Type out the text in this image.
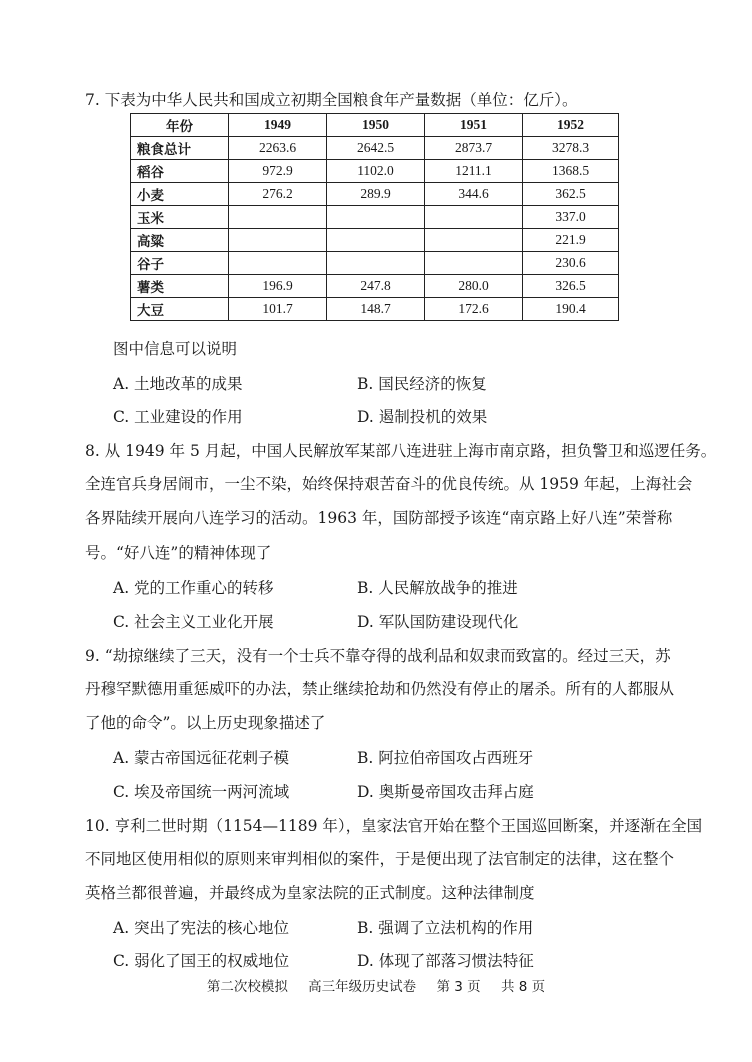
7. 下表为中华人民共和国成立初期全国粮食年产量数据（单位：亿斤）。
年份	1949	1950	1951	1952
粮食总计	2263.6	2642.5	2873.7	3278.3
稻谷	972.9	1102.0	1211.1	1368.5
小麦	276.2	289.9	344.6	362.5
玉米				337.0
高粱				221.9
谷子				230.6
薯类	196.9	247.8	280.0	326.5
大豆	101.7	148.7	172.6	190.4
图中信息可以说明
A. 土地改革的成果	B. 国民经济的恢复
C. 工业建设的作用	D. 遏制投机的效果
8. 从 1949 年 5 月起，中国人民解放军某部八连进驻上海市南京路，担负警卫和巡逻任务。
全连官兵身居闹市，一尘不染，始终保持艰苦奋斗的优良传统。从 1959 年起，上海社会
各界陆续开展向八连学习的活动。1963 年，国防部授予该连“南京路上好八连”荣誉称
号。“好八连”的精神体现了
A. 党的工作重心的转移	B. 人民解放战争的推进
C. 社会主义工业化开展	D. 军队国防建设现代化
9. “劫掠继续了三天，没有一个士兵不靠夺得的战利品和奴隶而致富的。经过三天，苏
丹穆罕默德用重惩威吓的办法，禁止继续抢劫和仍然没有停止的屠杀。所有的人都服从
了他的命令”。以上历史现象描述了
A. 蒙古帝国远征花剌子模	B. 阿拉伯帝国攻占西班牙
C. 埃及帝国统一两河流域	D. 奥斯曼帝国攻击拜占庭
10. 亨利二世时期（1154—1189 年），皇家法官开始在整个王国巡回断案，并逐渐在全国
不同地区使用相似的原则来审判相似的案件，于是便出现了法官制定的法律，这在整个
英格兰都很普遍，并最终成为皇家法院的正式制度。这种法律制度
A. 突出了宪法的核心地位	B. 强调了立法机构的作用
C. 弱化了国王的权威地位	D. 体现了部落习惯法特征
第二次校模拟 高三年级历史试卷 第 3 页 共 8 页
